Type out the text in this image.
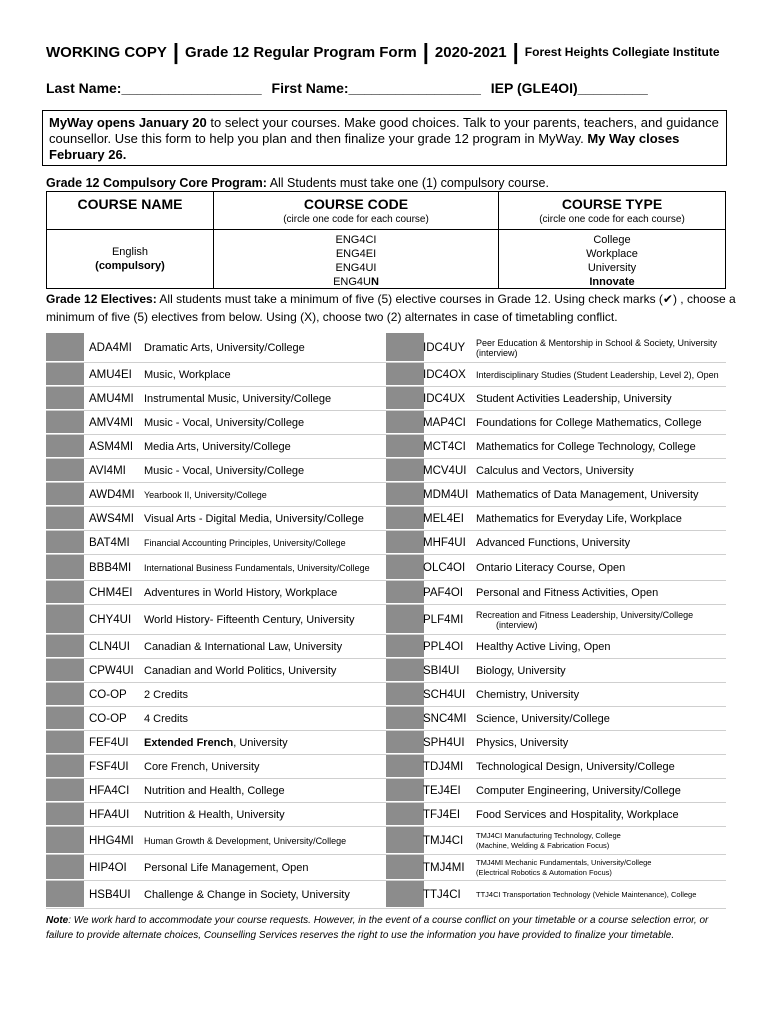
WORKING COPY | Grade 12 Regular Program Form | 2020-2021 | Forest Heights Collegiate Institute
Last Name:__________________ First Name:_________________ IEP (GLE4OI)_________
MyWay opens January 20 to select your courses. Make good choices. Talk to your parents, teachers, and guidance counsellor. Use this form to help you plan and then finalize your grade 12 program in MyWay. My Way closes February 26.
Grade 12 Compulsory Core Program: All Students must take one (1) compulsory course.
COURSE NAME
English
(compulsory)
COURSE CODE
(circle one code for each course)
ENG4CI
ENG4EI
ENG4UI
ENG4UN
COURSE TYPE
(circle one code for each course)
College
Workplace
University
Innovate
Grade 12 Electives: All students must take a minimum of five (5) elective courses in Grade 12. Using check marks (✔) , choose a minimum of five (5) electives from below. Using (X), choose two (2) alternates in case of timetabling conflict.
ADA4MI Dramatic Arts, University/College
AMU4EI Music, Workplace
AMU4MI Instrumental Music, University/College
AMV4MI Music - Vocal, University/College
ASM4MI Media Arts, University/College
AVI4MI Music - Vocal, University/College
AWD4MI Yearbook II, University/College
AWS4MI Visual Arts - Digital Media, University/College
BAT4MI Financial Accounting Principles, University/College
BBB4MI International Business Fundamentals, University/College
CHM4EI Adventures in World History, Workplace
CHY4UI World History- Fifteenth Century, University
CLN4UI Canadian & International Law, University
CPW4UI Canadian and World Politics, University
CO-OP 2 Credits
CO-OP 4 Credits
FEF4UI Extended French, University
FSF4UI Core French, University
HFA4CI Nutrition and Health, College
HFA4UI Nutrition & Health, University
HHG4MI Human Growth & Development, University/College
HIP4OI Personal Life Management, Open
HSB4UI Challenge & Change in Society, University
IDC4UY Peer Education & Mentorship in School & Society, University (interview)
IDC4OX Interdisciplinary Studies (Student Leadership, Level 2), Open
IDC4UX Student Activities Leadership, University
MAP4CI Foundations for College Mathematics, College
MCT4CI Mathematics for College Technology, College
MCV4UI Calculus and Vectors, University
MDM4UI Mathematics of Data Management, University
MEL4EI Mathematics for Everyday Life, Workplace
MHF4UI Advanced Functions, University
OLC4OI Ontario Literacy Course, Open
PAF4OI Personal and Fitness Activities, Open
PLF4MI Recreation and Fitness Leadership, University/College
(interview)
PPL4OI Healthy Active Living, Open
SBI4UI Biology, University
SCH4UI Chemistry, University
SNC4MI Science, University/College
SPH4UI Physics, University
TDJ4MI Technological Design, University/College
TEJ4EI Computer Engineering, University/College
TFJ4EI Food Services and Hospitality, Workplace
TMJ4CI TMJ4CI Manufacturing Technology, College
(Machine, Welding & Fabrication Focus)
TMJ4MI TMJ4MI Mechanic Fundamentals, University/College
(Electrical Robotics & Automation Focus)
TTJ4CI TTJ4CI Transportation Technology (Vehicle Maintenance), College
Note: We work hard to accommodate your course requests. However, in the event of a course conflict on your timetable or a course selection error, or failure to provide alternate choices, Counselling Services reserves the right to use the information you have provided to finalize your timetable.
